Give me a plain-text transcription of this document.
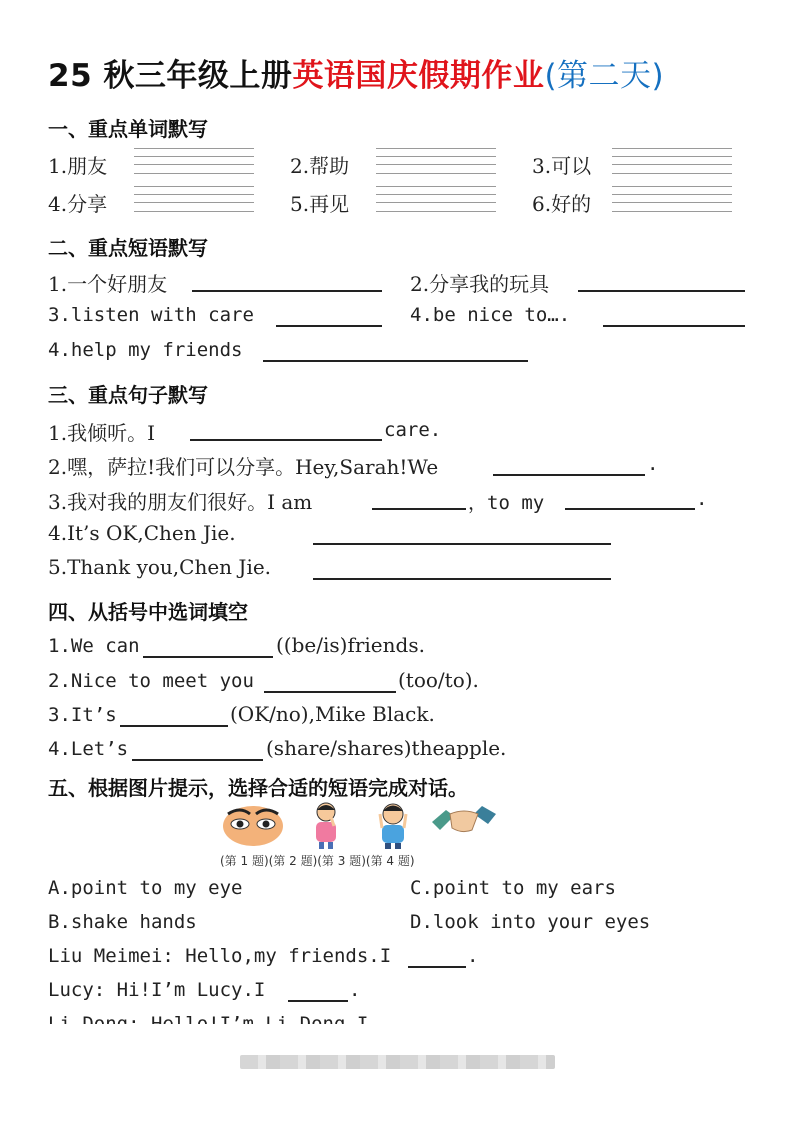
25 秋三年级上册英语国庆假期作业(第二天)
一、重点单词默写
1.朋友	2.帮助	3.可以
4.分享	5.再见	6.好的
二、重点短语默写
1.一个好朋友	2.分享我的玩具
3.listen with care	4.be nice to….
4.help my friends
三、重点句子默写
1.我倾听。I	care.
2.嘿，萨拉!我们可以分享。Hey,Sarah!We	.
3.我对我的朋友们很好。I am	，to my	.
4.It’s OK,Chen Jie.
5.Thank you,Chen Jie.
四、从括号中选词填空
1.We can	((be/is)friends.
2.Nice to meet you	(too/to).
3.It’s	(OK/no),Mike Black.
4.Let’s	(share/shares)theapple.
五、根据图片提示，选择合适的短语完成对话。
(第 1 题)(第 2 题)(第 3 题)(第 4 题)
A.point to my eye	C.point to my ears
B.shake hands	D.look into your eyes
Liu Meimei: Hello,my friends.I	.
Lucy: Hi!I’m Lucy.I	.
